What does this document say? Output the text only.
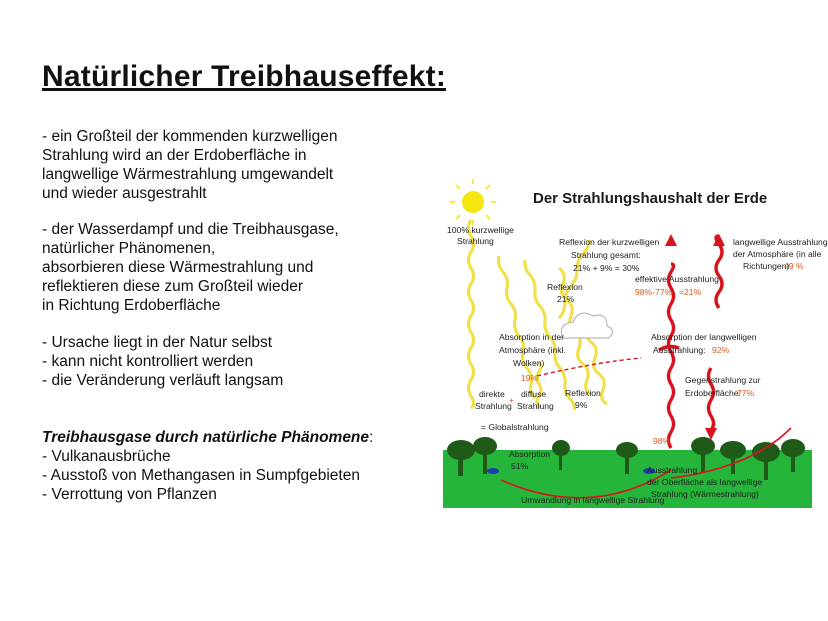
Natürlicher Treibhauseffekt:

- ein Großteil der kommenden kurzwelligen
Strahlung wird an der Erdoberfläche in
langwellige Wärmestrahlung umgewandelt
und wieder ausgestrahlt

- der Wasserdampf und die Treibhausgase,
natürlicher Phänomenen,
absorbieren diese Wärmestrahlung und
reflektieren diese zum Großteil wieder
in Richtung Erdoberfläche

- Ursache liegt in der Natur selbst
- kann nicht kontrolliert werden
- die Veränderung verläuft langsam

Treibhausgase durch natürliche Phänomene:
- Vulkanausbrüche
- Ausstoß von Methangasen in Sumpfgebieten
- Verrottung von Pflanzen

Der Strahlungshaushalt der Erde
100% kurzwellige
Strahlung	Reflexion der kurzwelligen
Strahlung gesamt:
21% + 9% = 30%
Reflexion
21%
effektive Ausstrahlung
98%-77% =21%
langwellige Ausstrahlung
der Atmosphäre (in alle
Richtungen)
49 %
Absorption in der
Atmosphäre (inkl.
Wolken)
19%
Absorption der langwelligen
Ausstrahlung: 92%
direkte
Strahlung
+
diffuse
Strahlung
= Globalstrahlung
Reflexion
9%
Gegenstrahlung zur
Erdoberfläche:
77%
98%
Absorption
51%	Ausstrahlung
der Oberfläche als langwellige
Strahlung (Wärmestrahlung)
Umwandlung in langwellige Strahlung
